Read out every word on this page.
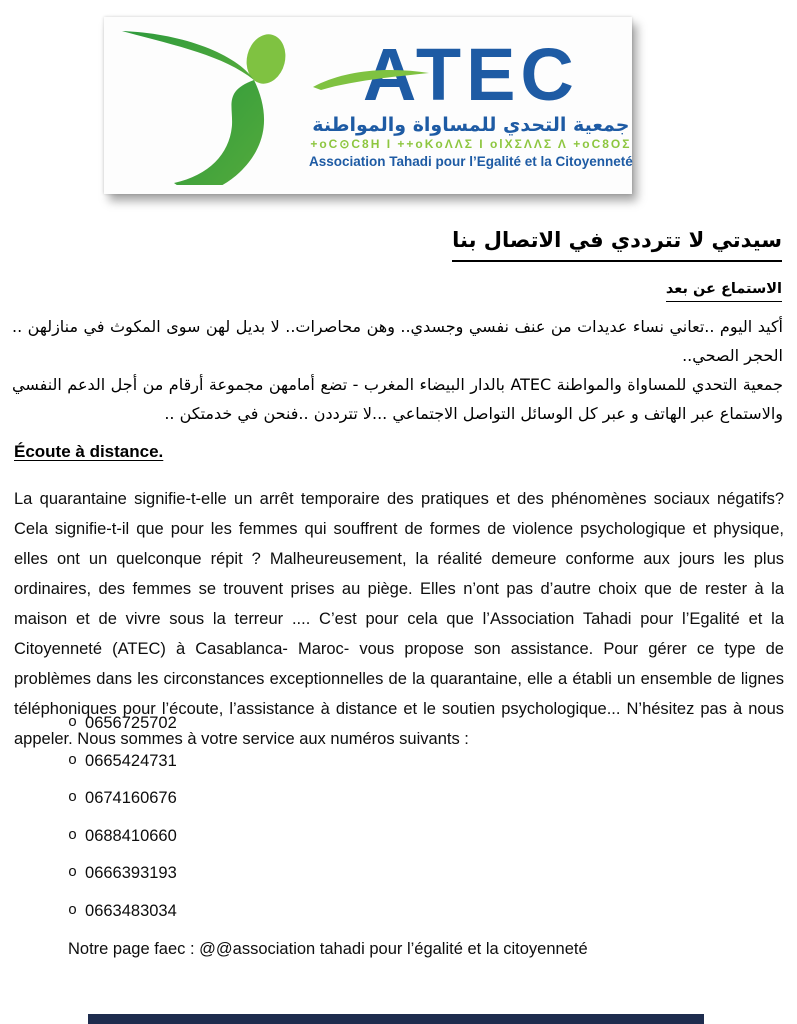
ATEC
جمعية التحدي للمساواة والمواطنة
+oC⊙C8H I ++oKoΛΛΣ I olXΣΛΛΣ Λ +oC8OΣ
Association Tahadi pour l’Egalité et la Citoyenneté
سيدتي لا تترددي في الاتصال بنا
الاستماع عن بعد

أكيد اليوم ..تعاني نساء عديدات من عنف نفسي وجسدي.. وهن محاصرات.. لا بديل لهن سوى المكوث في منازلهن .. الحجر الصحي..

جمعية التحدي للمساواة والمواطنة ATEC بالدار البيضاء المغرب - تضع أمامهن مجموعة أرقام من أجل الدعم النفسي والاستماع عبر الهاتف و عبر كل الوسائل التواصل الاجتماعي ...لا تترددن ..فنحن في خدمتكن ..

Écoute à distance.
La quarantaine signifie-t-elle un arrêt temporaire des pratiques et des phénomènes sociaux négatifs? Cela signifie-t-il que pour les femmes qui souffrent de formes de violence psychologique et physique, elles ont un quelconque répit ? Malheureusement, la réalité demeure conforme aux jours les plus ordinaires, des femmes se trouvent prises au piège. Elles n’ont pas d’autre choix que de rester à la maison et de vivre sous la terreur .... C’est pour cela que l’Association Tahadi pour l’Egalité et la Citoyenneté (ATEC) à Casablanca- Maroc- vous propose son assistance. Pour gérer ce type de problèmes dans les circonstances exceptionnelles de la quarantaine, elle a établi un ensemble de lignes téléphoniques pour l’écoute, l’assistance à distance et le soutien psychologique... N’hésitez pas à nous appeler. Nous sommes à votre service aux numéros suivants :
o 0656725702
o 0665424731
o 0674160676
o 0688410660
o 0666393193
o 0663483034
Notre page faec : @@association tahadi pour l’égalité et la citoyenneté
